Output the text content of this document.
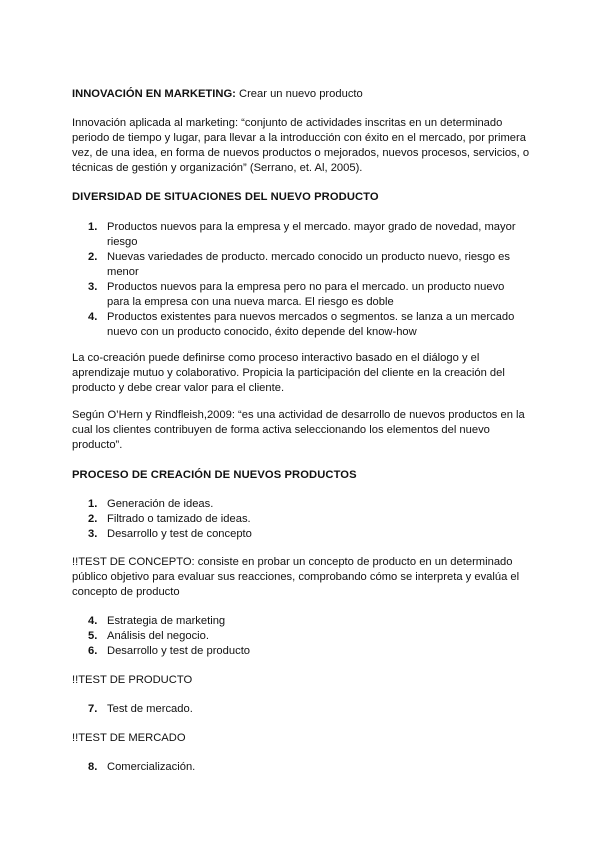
INNOVACIÓN EN MARKETING: Crear un nuevo producto

Innovación aplicada al marketing: “conjunto de actividades inscritas en un determinado periodo de tiempo y lugar, para llevar a la introducción con éxito en el mercado, por primera vez, de una idea, en forma de nuevos productos o mejorados, nuevos procesos, servicios, o técnicas de gestión y organización” (Serrano, et. Al, 2005).

DIVERSIDAD DE SITUACIONES DEL NUEVO PRODUCTO

1. Productos nuevos para la empresa y el mercado. mayor grado de novedad, mayor riesgo
2. Nuevas variedades de producto. mercado conocido un producto nuevo, riesgo es menor
3. Productos nuevos para la empresa pero no para el mercado. un producto nuevo para la empresa con una nueva marca. El riesgo es doble
4. Productos existentes para nuevos mercados o segmentos. se lanza a un mercado nuevo con un producto conocido, éxito depende del know-how

La co-creación puede definirse como proceso interactivo basado en el diálogo y el aprendizaje mutuo y colaborativo. Propicia la participación del cliente en la creación del producto y debe crear valor para el cliente.

Según O’Hern y Rindfleish,2009: “es una actividad de desarrollo de nuevos productos en la cual los clientes contribuyen de forma activa seleccionando los elementos del nuevo producto”.

PROCESO DE CREACIÓN DE NUEVOS PRODUCTOS

1. Generación de ideas.
2. Filtrado o tamizado de ideas.
3. Desarrollo y test de concepto

!!TEST DE CONCEPTO: consiste en probar un concepto de producto en un determinado público objetivo para evaluar sus reacciones, comprobando cómo se interpreta y evalúa el concepto de producto

4. Estrategia de marketing
5. Análisis del negocio.
6. Desarrollo y test de producto

!!TEST DE PRODUCTO

7. Test de mercado.

!!TEST DE MERCADO

8. Comercialización.
